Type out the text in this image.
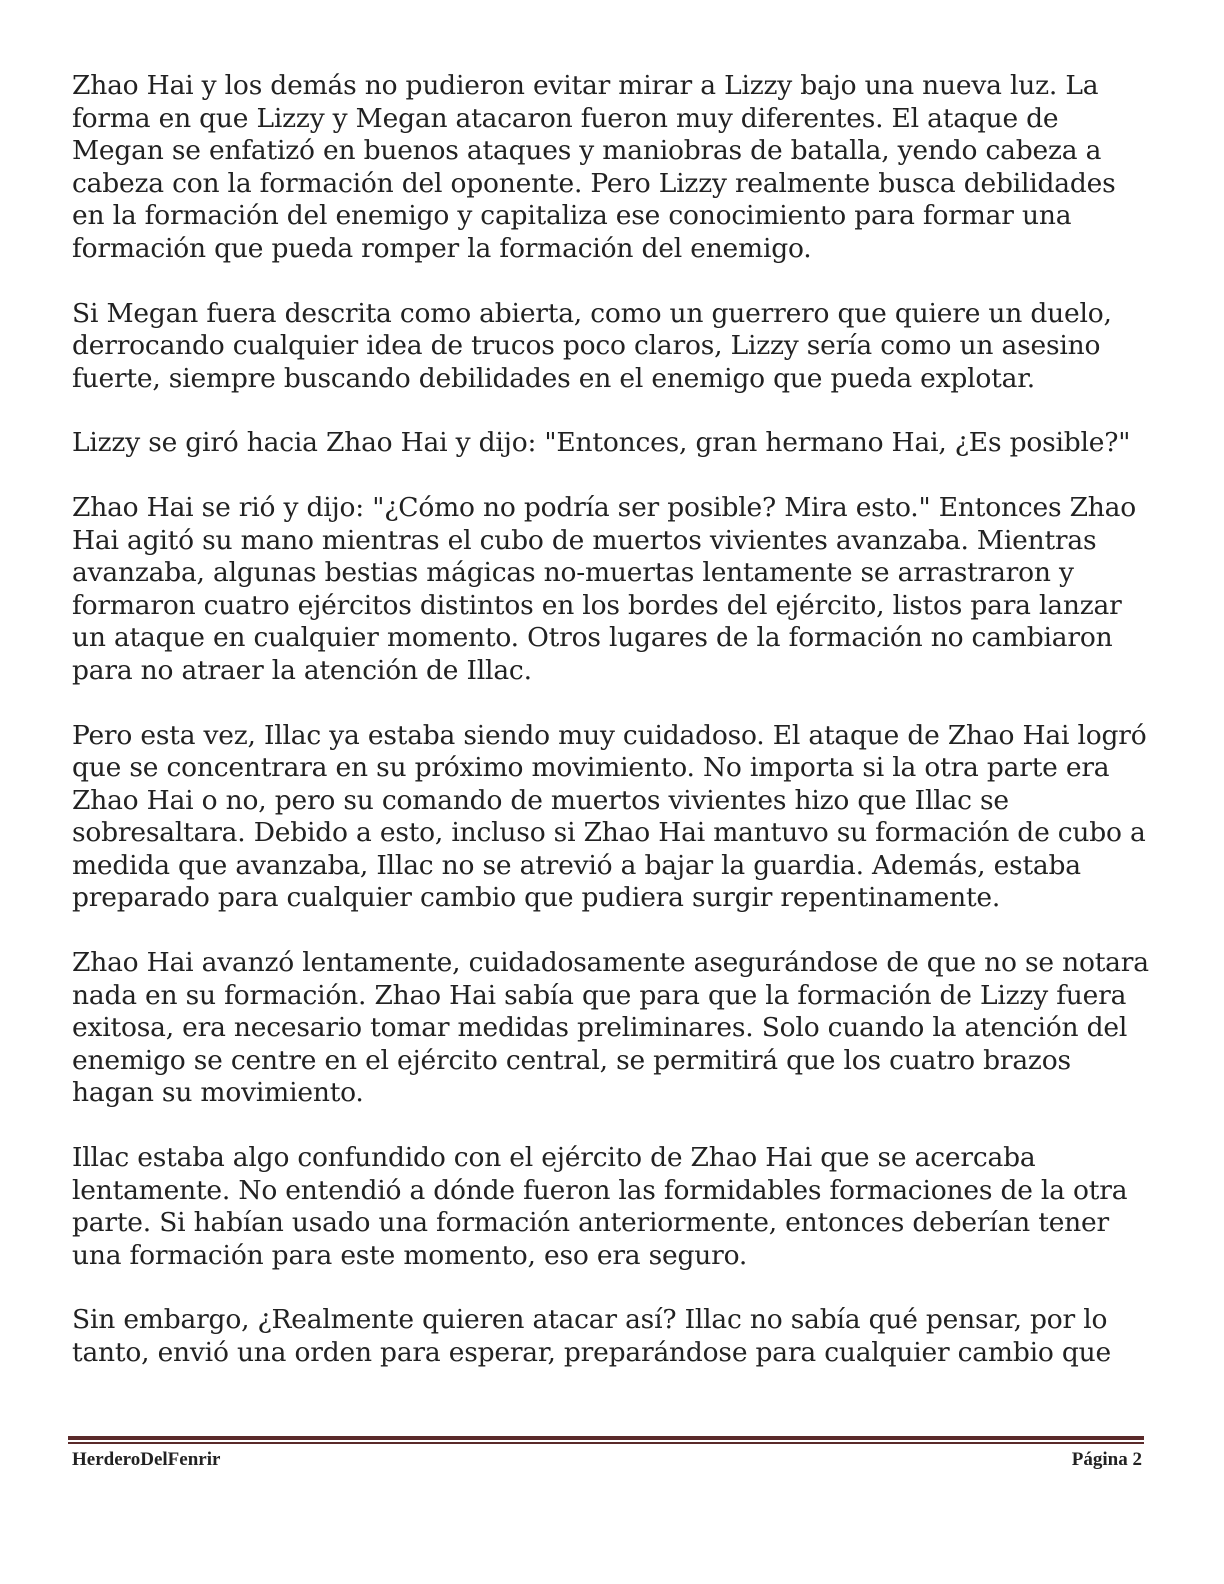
Zhao Hai y los demás no pudieron evitar mirar a Lizzy bajo una nueva luz. La forma en que Lizzy y Megan atacaron fueron muy diferentes. El ataque de Megan se enfatizó en buenos ataques y maniobras de batalla, yendo cabeza a cabeza con la formación del oponente. Pero Lizzy realmente busca debilidades en la formación del enemigo y capitaliza ese conocimiento para formar una formación que pueda romper la formación del enemigo.

Si Megan fuera descrita como abierta, como un guerrero que quiere un duelo, derrocando cualquier idea de trucos poco claros, Lizzy sería como un asesino fuerte, siempre buscando debilidades en el enemigo que pueda explotar.

Lizzy se giró hacia Zhao Hai y dijo: "Entonces, gran hermano Hai, ¿Es posible?"

Zhao Hai se rió y dijo: "¿Cómo no podría ser posible? Mira esto." Entonces Zhao Hai agitó su mano mientras el cubo de muertos vivientes avanzaba. Mientras avanzaba, algunas bestias mágicas no-muertas lentamente se arrastraron y formaron cuatro ejércitos distintos en los bordes del ejército, listos para lanzar un ataque en cualquier momento. Otros lugares de la formación no cambiaron para no atraer la atención de Illac.

Pero esta vez, Illac ya estaba siendo muy cuidadoso. El ataque de Zhao Hai logró que se concentrara en su próximo movimiento. No importa si la otra parte era Zhao Hai o no, pero su comando de muertos vivientes hizo que Illac se sobresaltara. Debido a esto, incluso si Zhao Hai mantuvo su formación de cubo a medida que avanzaba, Illac no se atrevió a bajar la guardia. Además, estaba preparado para cualquier cambio que pudiera surgir repentinamente.

Zhao Hai avanzó lentamente, cuidadosamente asegurándose de que no se notara nada en su formación. Zhao Hai sabía que para que la formación de Lizzy fuera exitosa, era necesario tomar medidas preliminares. Solo cuando la atención del enemigo se centre en el ejército central, se permitirá que los cuatro brazos hagan su movimiento.

Illac estaba algo confundido con el ejército de Zhao Hai que se acercaba lentamente. No entendió a dónde fueron las formidables formaciones de la otra parte. Si habían usado una formación anteriormente, entonces deberían tener una formación para este momento, eso era seguro.

Sin embargo, ¿Realmente quieren atacar así? Illac no sabía qué pensar, por lo tanto, envió una orden para esperar, preparándose para cualquier cambio que

HerderoDelFenrir	Página 2
